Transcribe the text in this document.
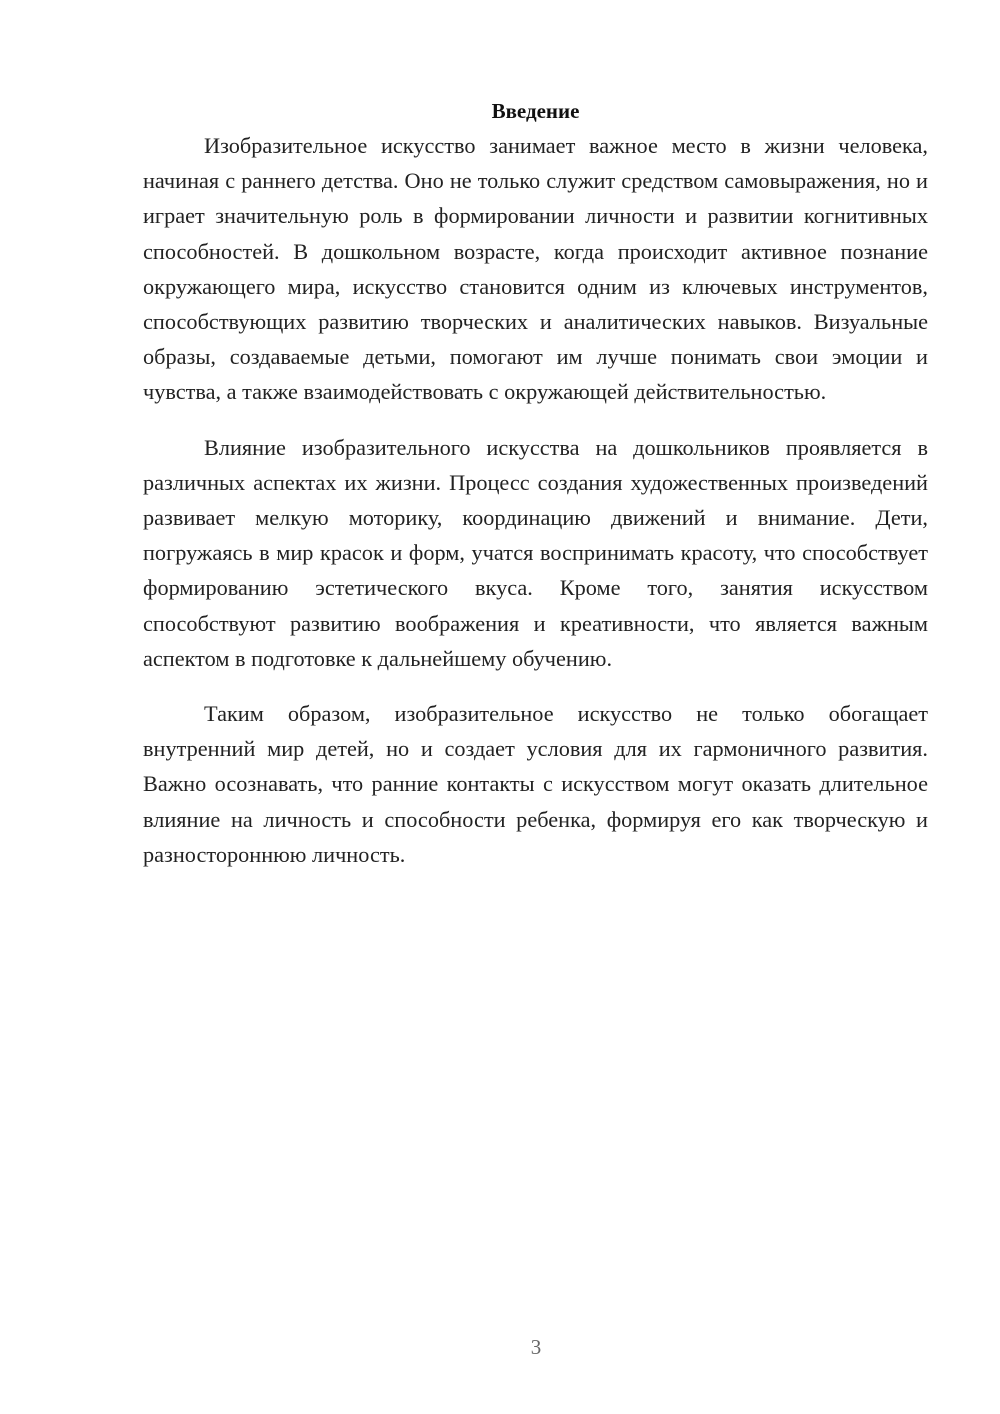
Введение

Изобразительное искусство занимает важное место в жизни человека, начиная с раннего детства. Оно не только служит средством самовыражения, но и играет значительную роль в формировании личности и развитии когнитивных способностей. В дошкольном возрасте, когда происходит активное познание окружающего мира, искусство становится одним из ключевых инструментов, способствующих развитию творческих и аналитических навыков. Визуальные образы, создаваемые детьми, помогают им лучше понимать свои эмоции и чувства, а также взаимодействовать с окружающей действительностью.

Влияние изобразительного искусства на дошкольников проявляется в различных аспектах их жизни. Процесс создания художественных произведений развивает мелкую моторику, координацию движений и внимание. Дети, погружаясь в мир красок и форм, учатся воспринимать красоту, что способствует формированию эстетического вкуса. Кроме того, занятия искусством способствуют развитию воображения и креативности, что является важным аспектом в подготовке к дальнейшему обучению.

Таким образом, изобразительное искусство не только обогащает внутренний мир детей, но и создает условия для их гармоничного развития. Важно осознавать, что ранние контакты с искусством могут оказать длительное влияние на личность и способности ребенка, формируя его как творческую и разностороннюю личность.

3
